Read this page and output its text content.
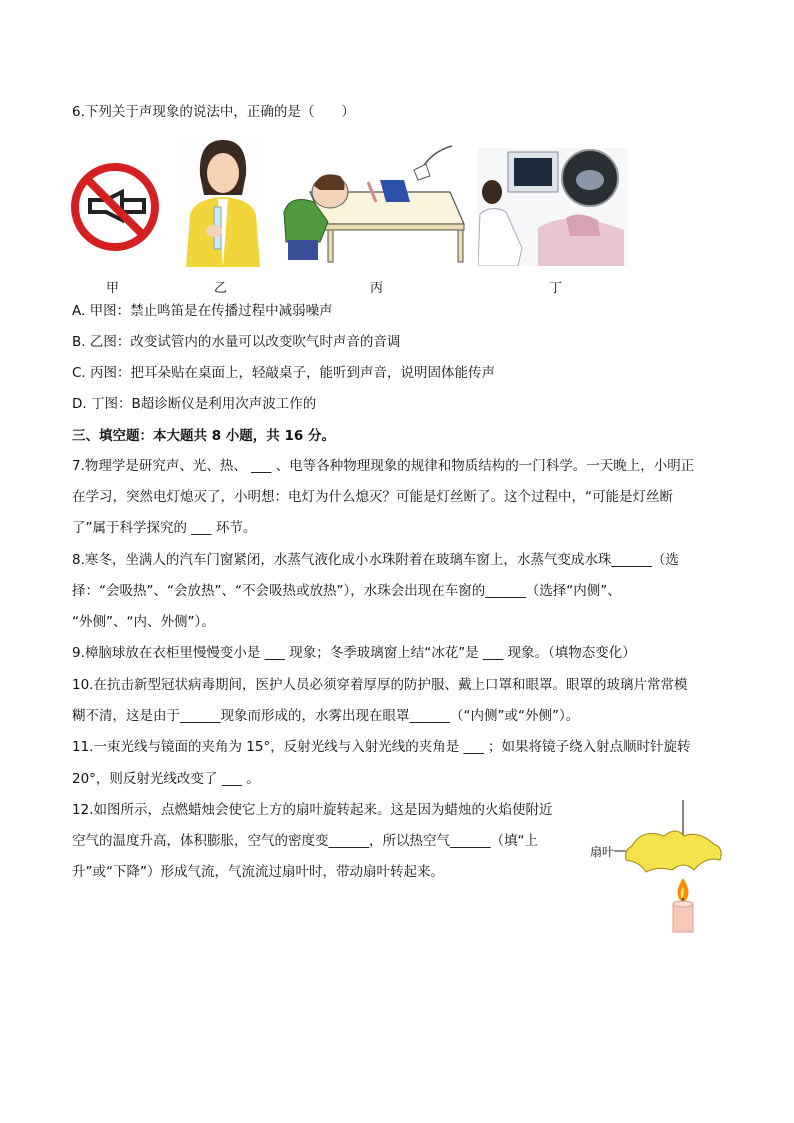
6.下列关于声现象的说法中，正确的是（　　）
甲	乙	丙	丁
A. 甲图：禁止鸣笛是在传播过程中减弱噪声
B. 乙图：改变试管内的水量可以改变吹气时声音的音调
C. 丙图：把耳朵贴在桌面上，轻敲桌子，能听到声音，说明固体能传声
D. 丁图：B超诊断仪是利用次声波工作的
三、填空题：本大题共 8 小题，共 16 分。
7.物理学是研究声、光、热、 ___ 、电等各种物理现象的规律和物质结构的一门科学。一天晚上，小明正
在学习，突然电灯熄灭了，小明想：电灯为什么熄灭？可能是灯丝断了。这个过程中，“可能是灯丝断
了”属于科学探究的 ___ 环节。
8.寒冬，坐满人的汽车门窗紧闭，水蒸气液化成小水珠附着在玻璃车窗上，水蒸气变成水珠______（选
择：“会吸热”、“会放热”、“不会吸热或放热”），水珠会出现在车窗的______（选择“内侧”、
“外侧”、“内、外侧”）。
9.樟脑球放在衣柜里慢慢变小是 ___ 现象；冬季玻璃窗上结“冰花”是 ___ 现象。（填物态变化）
10.在抗击新型冠状病毒期间，医护人员必须穿着厚厚的防护服、戴上口罩和眼罩。眼罩的玻璃片常常模
糊不清，这是由于______现象而形成的，水雾出现在眼罩______（“内侧”或“外侧”）。
11.一束光线与镜面的夹角为 15°，反射光线与入射光线的夹角是 ___ ；如果将镜子绕入射点顺时针旋转
20°，则反射光线改变了 ___ 。
12.如图所示，点燃蜡烛会使它上方的扇叶旋转起来。这是因为蜡烛的火焰使附近
空气的温度升高，体积膨胀，空气的密度变______，所以热空气______（填“上
升”或“下降”）形成气流，气流流过扇叶时，带动扇叶转起来。
扇叶
